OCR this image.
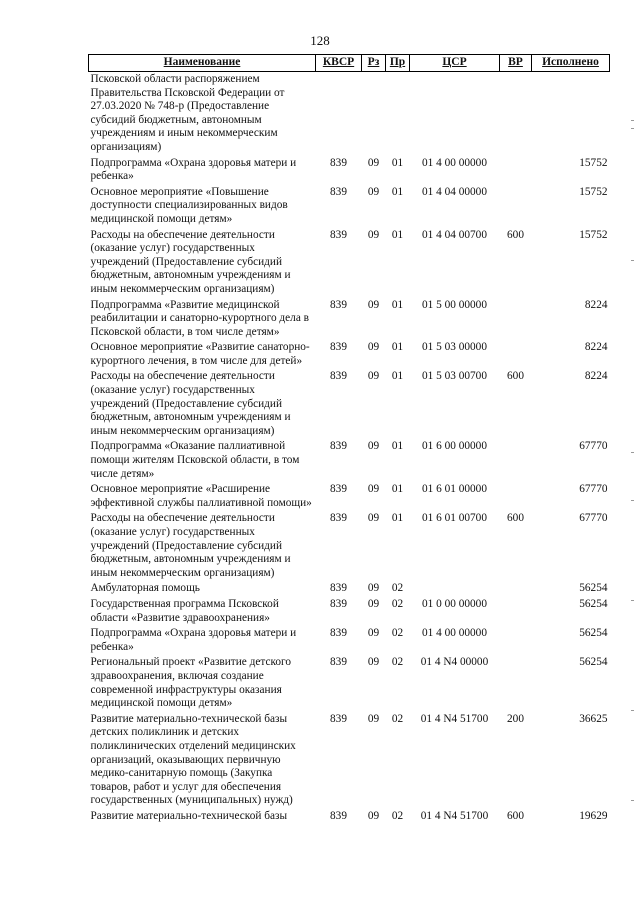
128
Наименование	КВСР	Рз	Пр	ЦСР	ВР	Исполнено
Псковской области распоряжением Правительства Псковской Федерации от 27.03.2020 № 748-р (Предоставление субсидий бюджетным, автономным учреждениям и иным некоммерческим организациям)						
Подпрограмма «Охрана здоровья матери и ребенка»	839	09	01	01 4 00 00000		15752
Основное мероприятие «Повышение доступности специализированных видов медицинской помощи детям»	839	09	01	01 4 04 00000		15752
Расходы на обеспечение деятельности (оказание услуг) государственных учреждений (Предоставление субсидий бюджетным, автономным учреждениям и иным некоммерческим организациям)	839	09	01	01 4 04 00700	600	15752
Подпрограмма «Развитие медицинской реабилитации и санаторно-курортного дела в Псковской области, в том числе детям»	839	09	01	01 5 00 00000		8224
Основное мероприятие «Развитие санаторно-курортного лечения, в том числе для детей»	839	09	01	01 5 03 00000		8224
Расходы на обеспечение деятельности (оказание услуг) государственных учреждений (Предоставление субсидий бюджетным, автономным учреждениям и иным некоммерческим организациям)	839	09	01	01 5 03 00700	600	8224
Подпрограмма «Оказание паллиативной помощи жителям Псковской области, в том числе детям»	839	09	01	01 6 00 00000		67770
Основное мероприятие «Расширение эффективной службы паллиативной помощи»	839	09	01	01 6 01 00000		67770
Расходы на обеспечение деятельности (оказание услуг) государственных учреждений (Предоставление субсидий бюджетным, автономным учреждениям и иным некоммерческим организациям)	839	09	01	01 6 01 00700	600	67770
Амбулаторная помощь	839	09	02			56254
Государственная программа Псковской области «Развитие здравоохранения»	839	09	02	01 0 00 00000		56254
Подпрограмма «Охрана здоровья матери и ребенка»	839	09	02	01 4 00 00000		56254
Региональный проект «Развитие детского здравоохранения, включая создание современной инфраструктуры оказания медицинской помощи детям»	839	09	02	01 4 N4 00000		56254
Развитие материально-технической базы детских поликлиник и детских поликлинических отделений медицинских организаций, оказывающих первичную медико-санитарную помощь (Закупка товаров, работ и услуг для обеспечения государственных (муниципальных) нужд)	839	09	02	01 4 N4 51700	200	36625
Развитие материально-технической базы	839	09	02	01 4 N4 51700	600	19629
